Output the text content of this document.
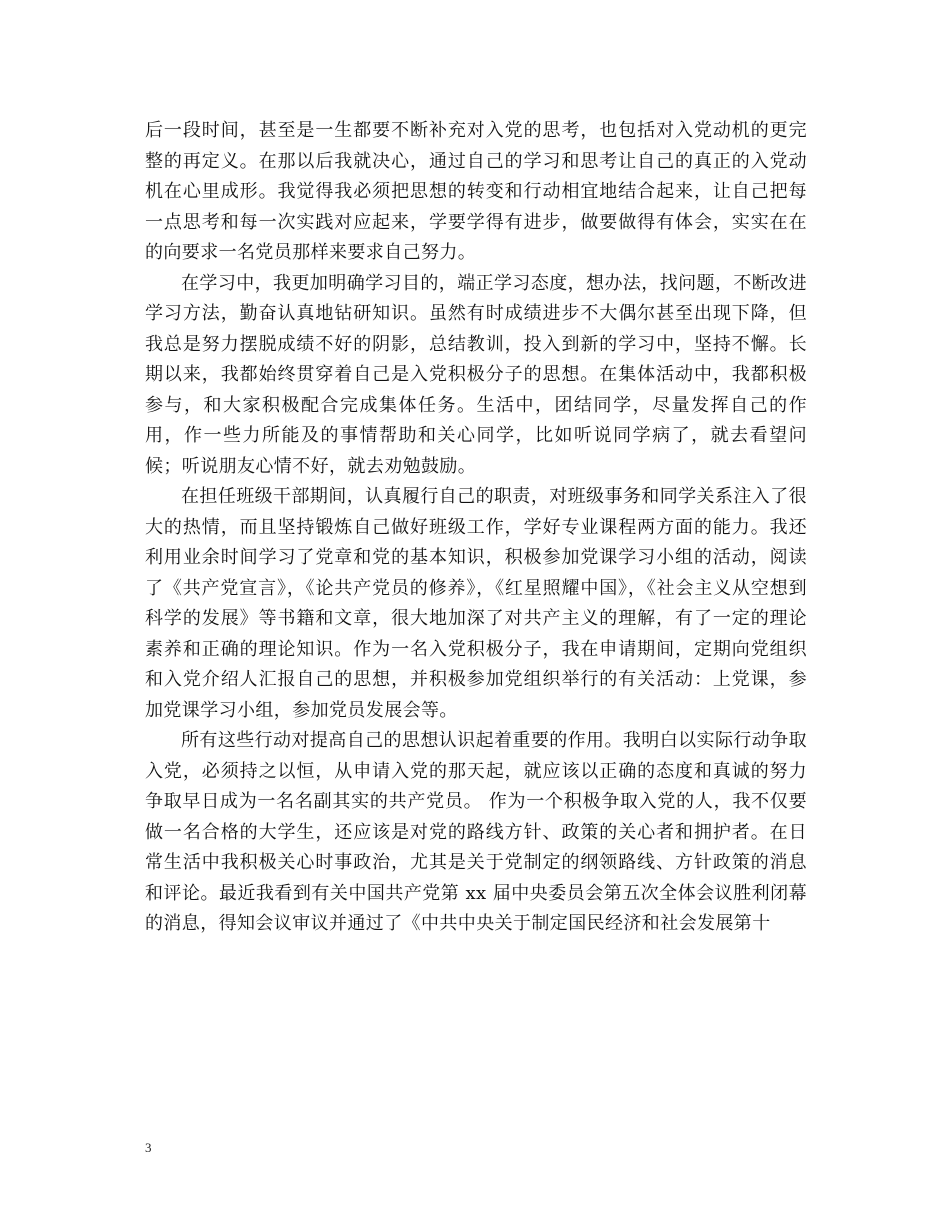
后一段时间，甚至是一生都要不断补充对入党的思考，也包括对入党动机的更完整的再定义。在那以后我就决心，通过自己的学习和思考让自己的真正的入党动机在心里成形。我觉得我必须把思想的转变和行动相宜地结合起来，让自己把每一点思考和每一次实践对应起来，学要学得有进步，做要做得有体会，实实在在的向要求一名党员那样来要求自己努力。

在学习中，我更加明确学习目的，端正学习态度，想办法，找问题，不断改进学习方法，勤奋认真地钻研知识。虽然有时成绩进步不大偶尔甚至出现下降，但我总是努力摆脱成绩不好的阴影，总结教训，投入到新的学习中，坚持不懈。长期以来，我都始终贯穿着自己是入党积极分子的思想。在集体活动中，我都积极参与，和大家积极配合完成集体任务。生活中，团结同学，尽量发挥自己的作用，作一些力所能及的事情帮助和关心同学，比如听说同学病了，就去看望问候；听说朋友心情不好，就去劝勉鼓励。

在担任班级干部期间，认真履行自己的职责，对班级事务和同学关系注入了很大的热情，而且坚持锻炼自己做好班级工作，学好专业课程两方面的能力。我还利用业余时间学习了党章和党的基本知识，积极参加党课学习小组的活动，阅读了《共产党宣言》，《论共产党员的修养》，《红星照耀中国》，《社会主义从空想到科学的发展》等书籍和文章，很大地加深了对共产主义的理解，有了一定的理论素养和正确的理论知识。作为一名入党积极分子，我在申请期间，定期向党组织和入党介绍人汇报自己的思想，并积极参加党组织举行的有关活动：上党课，参加党课学习小组，参加党员发展会等。

所有这些行动对提高自己的思想认识起着重要的作用。我明白以实际行动争取入党，必须持之以恒，从申请入党的那天起，就应该以正确的态度和真诚的努力争取早日成为一名名副其实的共产党员。 作为一个积极争取入党的人，我不仅要做一名合格的大学生，还应该是对党的路线方针、政策的关心者和拥护者。在日常生活中我积极关心时事政治，尤其是关于党制定的纲领路线、方针政策的消息和评论。最近我看到有关中国共产党第 xx 届中央委员会第五次全体会议胜利闭幕的消息，得知会议审议并通过了《中共中央关于制定国民经济和社会发展第十

3
